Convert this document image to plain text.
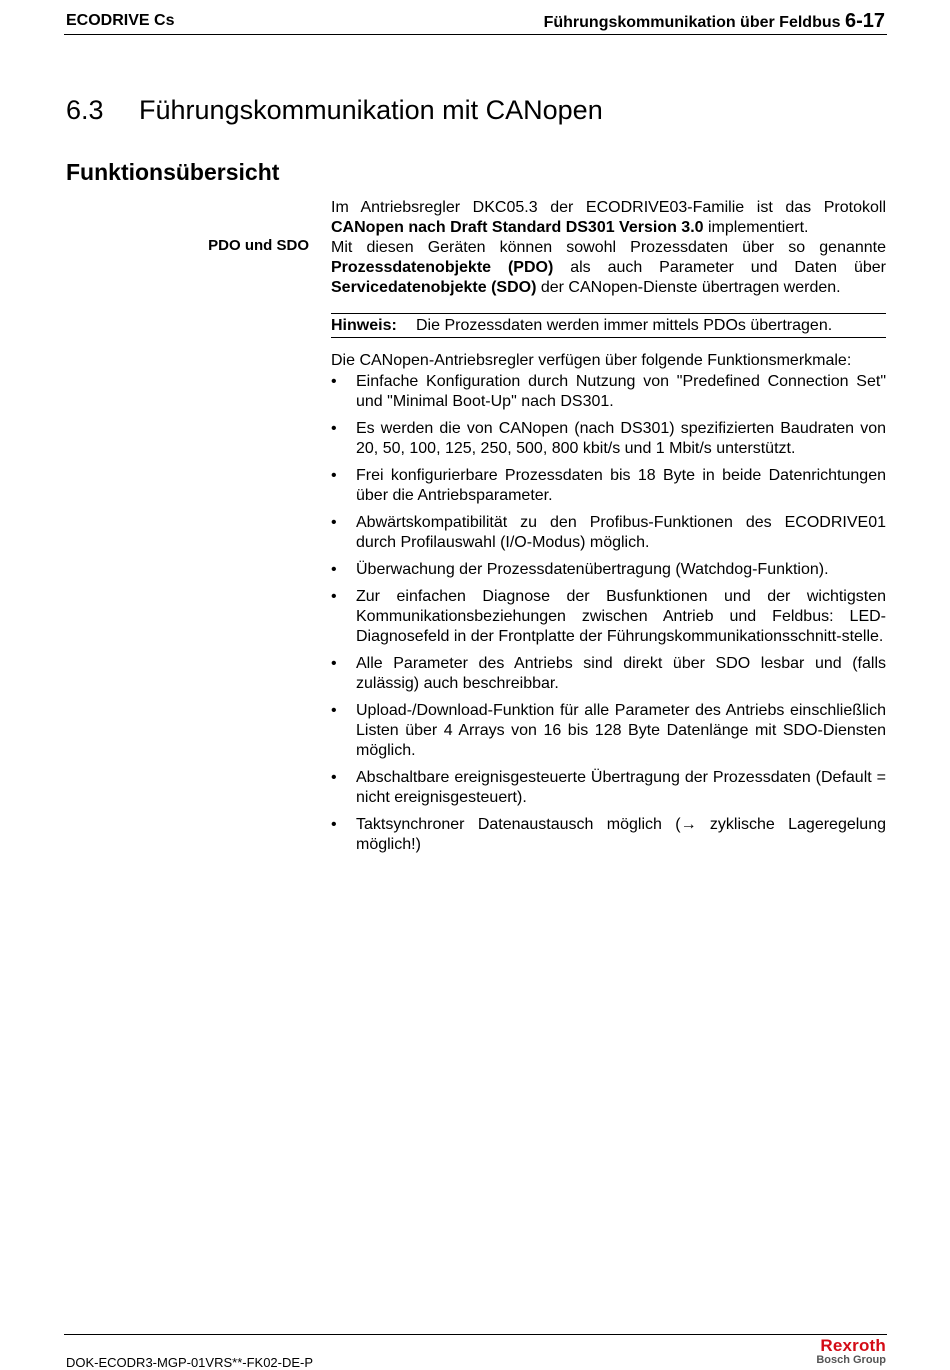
ECODRIVE Cs	Führungskommunikation über Feldbus 6-17
6.3 Führungskommunikation mit CANopen
Funktionsübersicht
PDO und SDO
Im Antriebsregler DKC05.3 der ECODRIVE03-Familie ist das Protokoll CANopen nach Draft Standard DS301 Version 3.0 implementiert.
Mit diesen Geräten können sowohl Prozessdaten über so genannte Prozessdatenobjekte (PDO) als auch Parameter und Daten über Servicedatenobjekte (SDO) der CANopen-Dienste übertragen werden.
Hinweis: Die Prozessdaten werden immer mittels PDOs übertragen.
Die CANopen-Antriebsregler verfügen über folgende Funktionsmerkmale:
• Einfache Konfiguration durch Nutzung von "Predefined Connection Set" und "Minimal Boot-Up" nach DS301.
• Es werden die von CANopen (nach DS301) spezifizierten Baudraten von 20, 50, 100, 125, 250, 500, 800 kbit/s und 1 Mbit/s unterstützt.
• Frei konfigurierbare Prozessdaten bis 18 Byte in beide Datenrichtungen über die Antriebsparameter.
• Abwärtskompatibilität zu den Profibus-Funktionen des ECODRIVE01 durch Profilauswahl (I/O-Modus) möglich.
• Überwachung der Prozessdatenübertragung (Watchdog-Funktion).
• Zur einfachen Diagnose der Busfunktionen und der wichtigsten Kommunikationsbeziehungen zwischen Antrieb und Feldbus: LED-Diagnosefeld in der Frontplatte der Führungskommunikationsschnitt-stelle.
• Alle Parameter des Antriebs sind direkt über SDO lesbar und (falls zulässig) auch beschreibbar.
• Upload-/Download-Funktion für alle Parameter des Antriebs einschließlich Listen über 4 Arrays von 16 bis 128 Byte Datenlänge mit SDO-Diensten möglich.
• Abschaltbare ereignisgesteuerte Übertragung der Prozessdaten (Default = nicht ereignisgesteuert).
• Taktsynchroner Datenaustausch möglich (→ zyklische Lageregelung möglich!)
DOK-ECODR3-MGP-01VRS**-FK02-DE-P
Rexroth
Bosch Group
